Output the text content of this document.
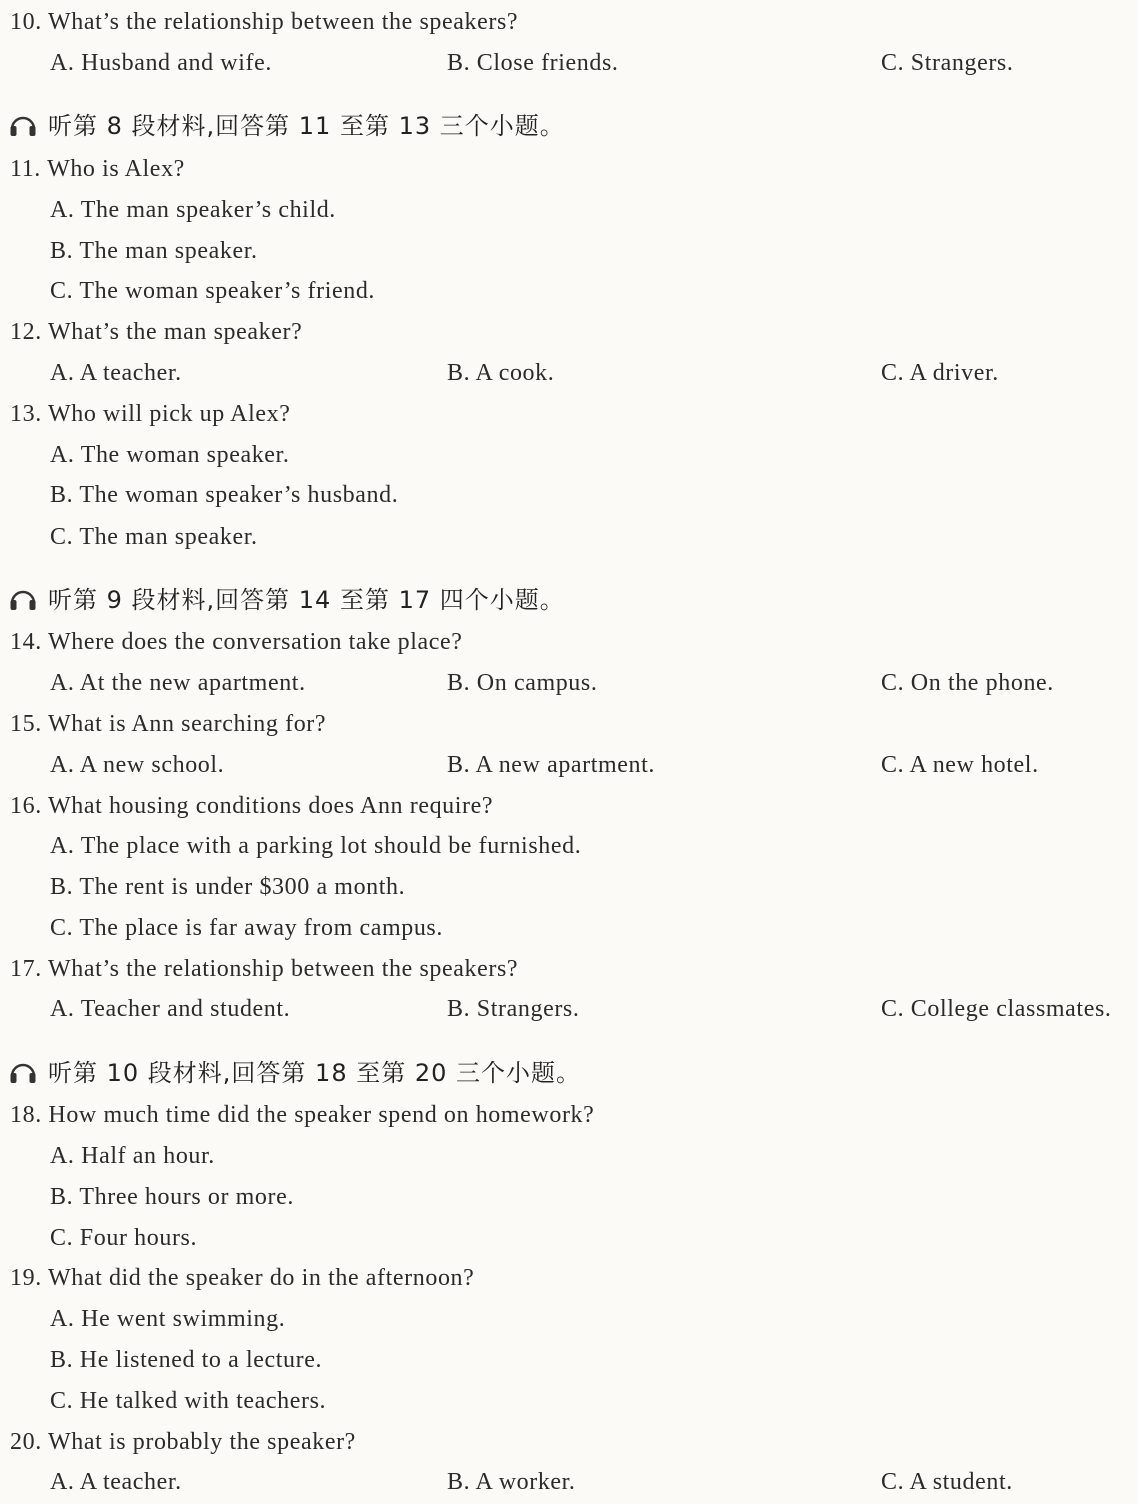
10. What’s the relationship between the speakers?
A. Husband and wife.	B. Close friends.	C. Strangers.
听第 8 段材料,回答第 11 至第 13 三个小题。
11. Who is Alex?
A. The man speaker’s child.
B. The man speaker.
C. The woman speaker’s friend.
12. What’s the man speaker?
A. A teacher.	B. A cook.	C. A driver.
13. Who will pick up Alex?
A. The woman speaker.
B. The woman speaker’s husband.
C. The man speaker.
听第 9 段材料,回答第 14 至第 17 四个小题。
14. Where does the conversation take place?
A. At the new apartment.	B. On campus.	C. On the phone.
15. What is Ann searching for?
A. A new school.	B. A new apartment.	C. A new hotel.
16. What housing conditions does Ann require?
A. The place with a parking lot should be furnished.
B. The rent is under $300 a month.
C. The place is far away from campus.
17. What’s the relationship between the speakers?
A. Teacher and student.	B. Strangers.	C. College classmates.
听第 10 段材料,回答第 18 至第 20 三个小题。
18. How much time did the speaker spend on homework?
A. Half an hour.
B. Three hours or more.
C. Four hours.
19. What did the speaker do in the afternoon?
A. He went swimming.
B. He listened to a lecture.
C. He talked with teachers.
20. What is probably the speaker?
A. A teacher.	B. A worker.	C. A student.
